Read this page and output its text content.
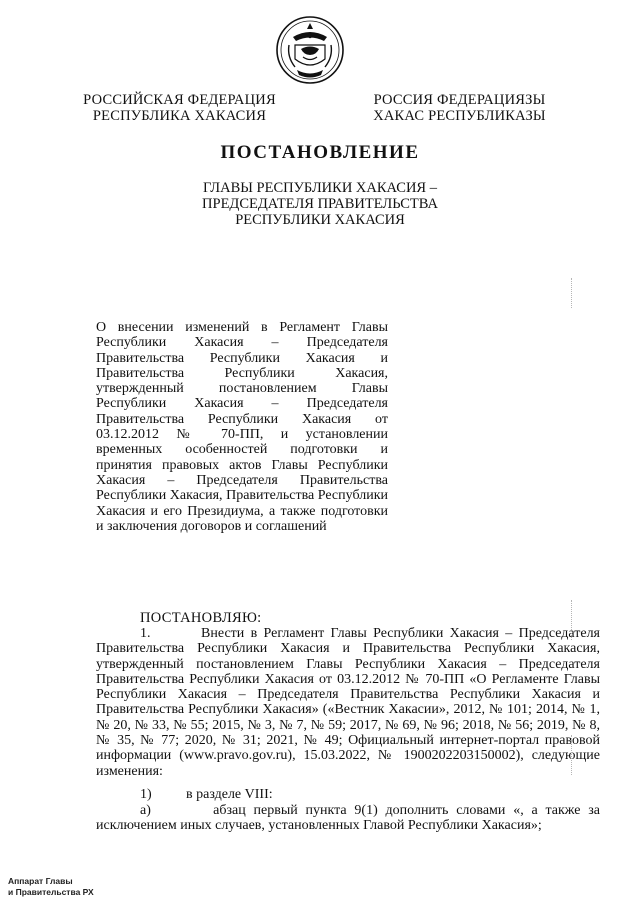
РОССИЙСКАЯ ФЕДЕРАЦИЯ
РЕСПУБЛИКА ХАКАСИЯ
РОССИЯ ФЕДЕРАЦИЯЗЫ
ХАКАС РЕСПУБЛИКАЗЫ
ПОСТАНОВЛЕНИЕ
ГЛАВЫ РЕСПУБЛИКИ ХАКАСИЯ –
ПРЕДСЕДАТЕЛЯ ПРАВИТЕЛЬСТВА
РЕСПУБЛИКИ ХАКАСИЯ
О внесении изменений в Регламент Главы Республики Хакасия – Председателя Правительства Республики Хакасия и Правительства Республики Хакасия, утвержденный постановлением Главы Республики Хакасия – Председателя Правительства Республики Хакасия от 03.12.2012 № 70-ПП, и установлении временных особенностей подготовки и принятия правовых актов Главы Республики Хакасия – Председателя Правительства Республики Хакасия, Правительства Республики Хакасия и его Президиума, а также подготовки и заключения договоров и соглашений
ПОСТАНОВЛЯЮ:
1.	Внести в Регламент Главы Республики Хакасия – Председателя Правительства Республики Хакасия и Правительства Республики Хакасия, утвержденный постановлением Главы Республики Хакасия – Председателя Правительства Республики Хакасия от 03.12.2012 № 70-ПП «О Регламенте Главы Республики Хакасия – Председателя Правительства Республики Хакасия и Правительства Республики Хакасия» («Вестник Хакасии», 2012, № 101; 2014, № 1, № 20, № 33, № 55; 2015, № 3, № 7, № 59; 2017, № 69, № 96; 2018, № 56; 2019, № 8, № 35, № 77; 2020, № 31; 2021, № 49; Официальный интернет-портал правовой информации (www.pravo.gov.ru), 15.03.2022, № 1900202203150002), следующие изменения:
1) в разделе VIII:
а)	абзац первый пункта 9(1) дополнить словами «, а также за исключением иных случаев, установленных Главой Республики Хакасия»;
Аппарат Главы
и Правительства РХ
